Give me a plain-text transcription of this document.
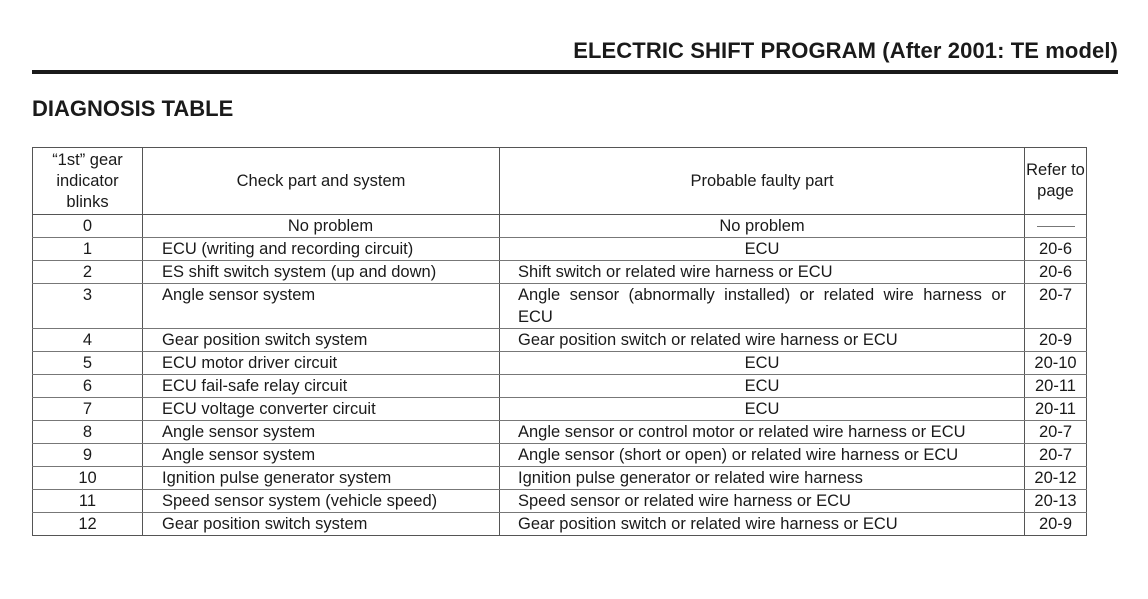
ELECTRIC SHIFT PROGRAM (After 2001: TE model)
DIAGNOSIS TABLE
“1st” gear indicator blinks	Check part and system	Probable faulty part	Refer to page
0	No problem	No problem	
1	ECU (writing and recording circuit)	ECU	20-6
2	ES shift switch system (up and down)	Shift switch or related wire harness or ECU	20-6
3	Angle sensor system	Angle sensor (abnormally installed) or related wire harness or ECU	20-7
4	Gear position switch system	Gear position switch or related wire harness or ECU	20-9
5	ECU motor driver circuit	ECU	20-10
6	ECU fail-safe relay circuit	ECU	20-11
7	ECU voltage converter circuit	ECU	20-11
8	Angle sensor system	Angle sensor or control motor or related wire harness or ECU	20-7
9	Angle sensor system	Angle sensor (short or open) or related wire harness or ECU	20-7
10	Ignition pulse generator system	Ignition pulse generator or related wire harness	20-12
11	Speed sensor system (vehicle speed)	Speed sensor or related wire harness or ECU	20-13
12	Gear position switch system	Gear position switch or related wire harness or ECU	20-9
